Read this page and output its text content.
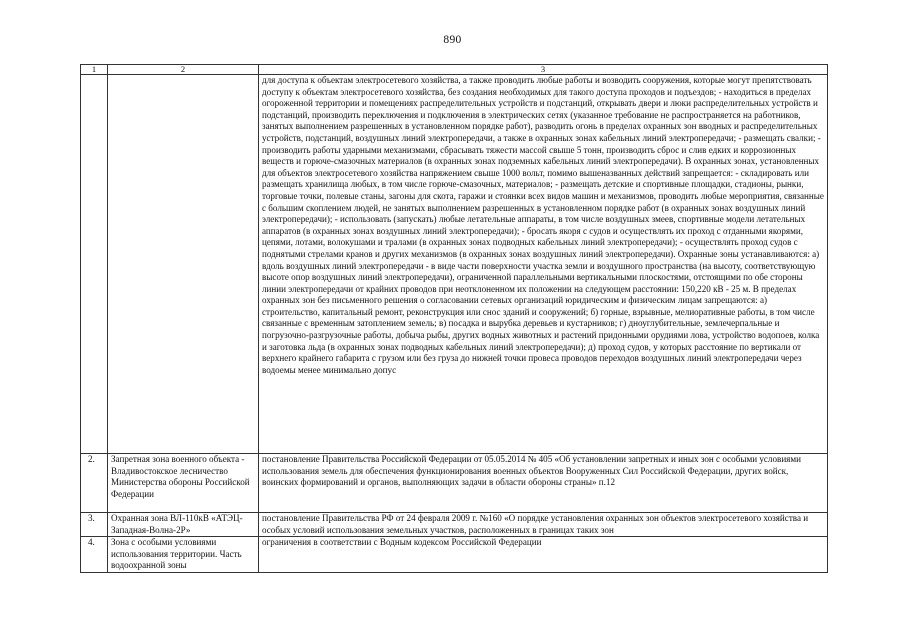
890
1	2	3

		для доступа к объектам электросетевого хозяйства, а также проводить любые работы и возводить сооружения, которые могут препятствовать доступу к объектам электросетевого хозяйства, без создания необходимых для такого доступа проходов и подъездов; - находиться в пределах огороженной территории и помещениях распределительных устройств и подстанций, открывать двери и люки распределительных устройств и подстанций, производить переключения и подключения в электрических сетях (указанное требование не распространяется на работников, занятых выполнением разрешенных в установленном порядке работ), разводить огонь в пределах охранных зон вводных и распределительных устройств, подстанций, воздушных линий электропередачи, а также в охранных зонах кабельных линий электропередачи; - размещать свалки; - производить работы ударными механизмами, сбрасывать тяжести массой свыше 5 тонн, производить сброс и слив едких и коррозионных веществ и горюче-смазочных материалов (в охранных зонах подземных кабельных линий электропередачи). В охранных зонах, установленных для объектов электросетевого хозяйства напряжением свыше 1000 вольт, помимо вышеназванных действий запрещается: - складировать или размещать хранилища любых, в том числе горюче-смазочных, материалов; - размещать детские и спортивные площадки, стадионы, рынки, торговые точки, полевые станы, загоны для скота, гаражи и стоянки всех видов машин и механизмов, проводить любые мероприятия, связанные с большим скоплением людей, не занятых выполнением разрешенных в установленном порядке работ (в охранных зонах воздушных линий электропередачи); - использовать (запускать) любые летательные аппараты, в том числе воздушных змеев, спортивные модели летательных аппаратов (в охранных зонах воздушных линий электропередачи); - бросать якоря с судов и осуществлять их проход с отданными якорями, цепями, лотами, волокушами и тралами (в охранных зонах подводных кабельных линий электропередачи); - осуществлять проход судов с поднятыми стрелами кранов и других механизмов (в охранных зонах воздушных линий электропередачи). Охранные зоны устанавливаются: а) вдоль воздушных линий электропередачи - в виде части поверхности участка земли и воздушного пространства (на высоту, соответствующую высоте опор воздушных линий электропередачи), ограниченной параллельными вертикальными плоскостями, отстоящими по обе стороны линии электропередачи от крайних проводов при неотклоненном их положении на следующем расстоянии: 150,220 кВ - 25 м. В пределах охранных зон без письменного решения о согласовании сетевых организаций юридическим и физическим лицам запрещаются: а) строительство, капитальный ремонт, реконструкция или снос зданий и сооружений; б) горные, взрывные, мелиоративные работы, в том числе связанные с временным затоплением земель; в) посадка и вырубка деревьев и кустарников; г) дноуглубительные, землечерпальные и погрузочно-разгрузочные работы, добыча рыбы, других водных животных и растений придонными орудиями лова, устройство водопоев, колка и заготовка льда (в охранных зонах подводных кабельных линий электропередачи); д) проход судов, у которых расстояние по вертикали от верхнего крайнего габарита с грузом или без груза до нижней точки провеса проводов переходов воздушных линий электропередачи через водоемы менее минимально допус

2.	Запретная зона военного объекта - Владивостокское лесничество Министерства обороны Российской Федерации	постановление Правительства Российской Федерации от 05.05.2014 № 405 «Об установлении запретных и иных зон с особыми условиями использования земель для обеспечения функционирования военных объектов Вооруженных Сил Российской Федерации, других войск, воинских формирований и органов, выполняющих задачи в области обороны страны» п.12
3.	Охранная зона ВЛ-110кВ «АТЭЦ-Западная-Волна-2Р»	постановление Правительства РФ от 24 февраля 2009 г. №160 «О порядке установления охранных зон объектов электросетевого хозяйства и особых условий использования земельных участков, расположенных в границах таких зон
4.	Зона с особыми условиями использования территории. Часть водоохранной зоны	ограничения в соответствии с Водным кодексом Российской Федерации
